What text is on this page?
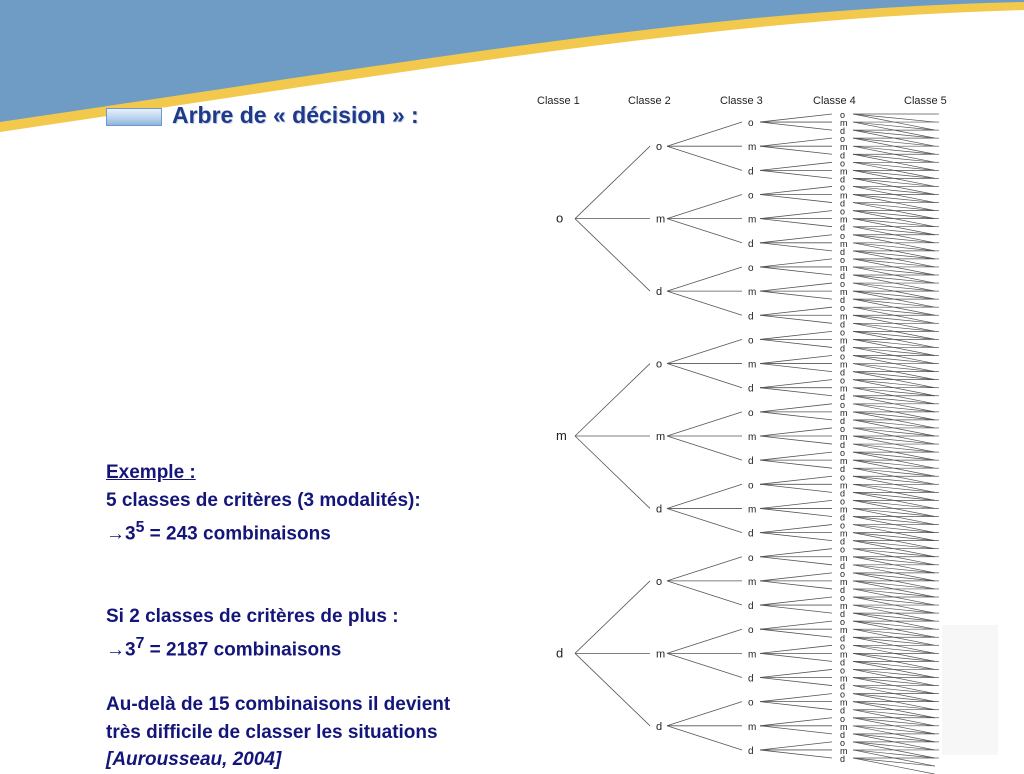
Arbre de « décision » :

Exemple :

5 classes de critères (3 modalités):

$\to 3^5 = 243$ combinaisons

Si 2 classes de critères de plus :

$\to 3^7 = 2187$ combinaisons

Au-delà de 15 combinaisons il devient

très difficile de classer les situations

[Aurousseau, 2004]

Classe 1	Classe 2	Classe 3	Classe 4	Classe 5
o
o
o
o
m
d
m
o
m
d
d
o
m
d
m
o
o
m
d
m
o
m
d
d
o
m
d
d
o
o
m
d
m
o
m
d
d
o
m
d
m
o
o
o
m
d
m
o
m
d
d
o
m
d
m
o
o
m
d
m
o
m
d
d
o
m
d
d
o
o
m
d
m
o
m
d
d
o
m
d
d
o
o
o
m
d
m
o
m
d
d
o
m
d
m
o
o
m
d
m
o
m
d
d
o
m
d
d
o
o
m
d
m
o
m
d
d
o
m
d
